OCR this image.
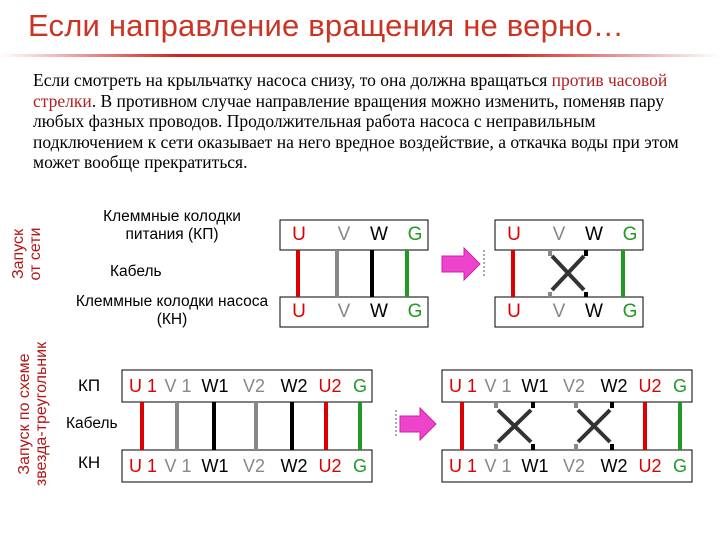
Если направление вращения не верно…
Если смотреть на крыльчатку насоса снизу, то она должна вращаться против часовой стрелки. В противном случае направление вращения можно изменить, поменяв пару любых фазных проводов. Продолжительная работа насоса с неправильным подключением к сети оказывает на него вредное воздействие, а откачка воды при этом может вообще прекратиться.
Запуск от сети
Запуск по схеме звезда-треугольник
Клеммные колодки питания (КП)
Кабель
Клеммные колодки насоса (КН)
КП
Кабель
КН
U V W G
U V W G
U V W G
U V W G
U 1 V 1 W1 V2 W2 U2 G
U 1 V 1 W1 V2 W2 U2 G
U 1 V 1 W1 V2 W2 U2 G
U 1 V 1 W1 V2 W2 U2 G
